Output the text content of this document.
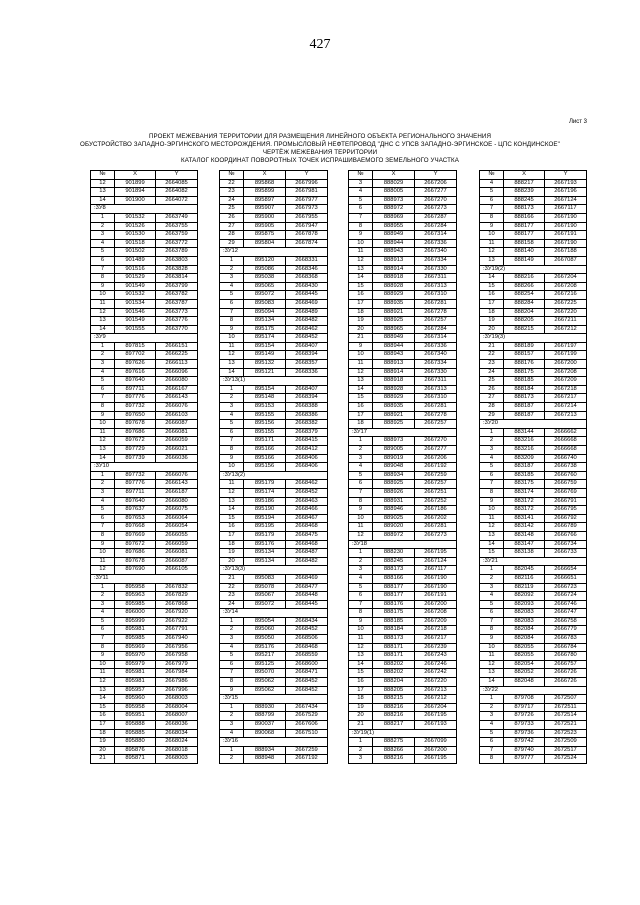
427
Лист 3
ПРОЕКТ МЕЖЕВАНИЯ ТЕРРИТОРИИ ДЛЯ РАЗМЕЩЕНИЯ ЛИНЕЙНОГО ОБЪЕКТА РЕГИОНАЛЬНОГО ЗНАЧЕНИЯ
ОБУСТРОЙСТВО ЗАПАДНО-ЭРГИНСКОГО МЕСТОРОЖДЕНИЯ. ПРОМЫСЛОВЫЙ НЕФТЕПРОВОД "ДНС С УПСВ ЗАПАДНО-ЭРГИНСКОЕ - ЦПС КОНДИНСКОЕ"
ЧЕРТЁЖ МЕЖЕВАНИЯ ТЕРРИТОРИИ
КАТАЛОГ КООРДИНАТ ПОВОРОТНЫХ ТОЧЕК ИСПРАШИВАЕМОГО ЗЕМЕЛЬНОГО УЧАСТКА
№	X	Y
12	901899	2664085
13	901894	2664082
14	901900	2664072
:3У8		
1	901532	2663749
2	901526	2663755
3	901530	2663759
4	901518	2663772
5	901502	2663789
6	901489	2663803
7	901516	2663828
8	901529	2663814
9	901549	2663799
10	901532	2663782
11	901534	2663787
12	901546	2663773
13	901549	2663776
14	901555	2663770
:3У9		
1	897815	2666151
2	897702	2666225
3	897626	2666113
4	897616	2666096
5	897640	2666080
6	897711	2666167
7	897776	2666143
8	897732	2666076
9	897650	2666103
10	897678	2666087
11	897686	2666081
12	897672	2666059
13	897729	2666021
14	897739	2666036
:3У10		
1	897732	2666076
2	897776	2666143
3	897711	2666187
4	897640	2666080
5	897637	2666075
6	897653	2666064
7	897668	2666054
8	897669	2666055
9	897672	2666059
10	897686	2666081
11	897678	2666087
12	897690	2666105
:3У11		
1	895958	2667832
2	895963	2667829
3	895985	2667868
4	896000	2667920
5	895999	2667922
6	895981	2667791
7	895985	2667940
8	895969	2667956
9	895970	2667958
10	895979	2667979
11	895981	2667984
12	895981	2667986
13	895957	2667996
14	895960	2668003
15	895958	2668004
16	895951	2668007
17	895888	2668036
18	895885	2668034
19	895880	2668024
20	895876	2668018
21	895871	2668003
№	X	Y
22	895868	2667996
23	895899	2667981
24	895897	2667977
25	895907	2667973
26	895900	2667955
27	895905	2667947
28	895875	2667878
29	895804	2667874
:3У12		
1	895120	2668331
2	895086	2668346
3	895038	2668368
4	895065	2668430
5	895072	2668445
6	895083	2668469
7	895094	2668489
8	895134	2668482
9	895175	2668462
10	895174	2668452
11	895154	2668407
12	895149	2668394
13	895132	2668357
14	895121	2668336
:3У13(1)		
1	895154	2668407
2	895148	2668394
3	895153	2668388
4	895155	2668386
5	895156	2668382
6	895155	2668379
7	895171	2668415
8	895166	2668412
9	895166	2668406
10	895156	2668406
:3У13(2)		
11	895179	2668462
12	895174	2668452
13	895186	2668463
14	895190	2668466
15	895194	2668467
16	895195	2668468
17	895179	2668475
18	895176	2668468
19	895134	2668487
20	895134	2668482
:3У13(3)		
21	895083	2668469
22	895078	2668477
23	895067	2668448
24	895072	2668445
:3У14		
1	895054	2668434
2	895060	2668452
3	895050	2668506
4	895176	2668468
5	895217	2668559
6	895125	2668600
7	895070	2668471
8	895062	2668452
9	895062	2668452
:3У15		
1	888930	2667434
2	888799	2667529
3	890037	2667606
4	890068	2667510
:3У16		
1	888934	2667259
2	888948	2667192
№	X	Y
3	888029	2667206
4	888005	2667277
5	888973	2667270
6	888972	2667273
7	888969	2667287
8	888955	2667284
9	888949	2667314
10	888944	2667336
11	888943	2667340
12	888913	2667334
13	888914	2667330
14	888918	2667311
15	888928	2667313
16	888929	2667310
17	888935	2667281
18	888921	2667278
19	888925	2667257
20	888965	2667284
21	888949	2667314
9	888944	2667336
10	888943	2667340
11	888913	2667334
12	888914	2667330
13	888918	2667311
14	888928	2667313
15	888929	2667310
16	888935	2667281
17	888921	2667278
18	888925	2667257
:3У17		
1	888973	2667270
2	889005	2667277
3	889019	2667206
4	889048	2667192
5	888934	2667259
6	888925	2667257
7	888926	2667251
8	888931	2667252
9	888946	2667186
10	889025	2667202
11	889020	2667281
12	888972	2667273
:3У18		
1	888230	2667195
2	888245	2667124
3	888173	2667117
4	888166	2667190
5	888177	2667190
6	888177	2667191
7	888176	2667200
8	888175	2667208
9	888185	2667209
10	888184	2667218
11	888173	2667217
12	888171	2667239
13	888171	2667243
14	888202	2667246
15	888202	2667242
16	888204	2667220
17	888205	2667213
18	888215	2667212
19	888216	2667204
20	888216	2667195
21	888217	2667193
:3У19(1)		
1	888275	2667099
2	888266	2667200
3	888216	2667195
№	X	Y
4	888217	2667193
5	888239	2667196
6	888245	2667124
7	888173	2667117
8	888166	2667190
9	888177	2667190
10	888177	2667191
11	888158	2667190
12	888140	2667188
13	888149	2667087
:3У19(2)		
14	888216	2667204
15	888266	2667208
16	888254	2667216
17	888284	2667225
18	888204	2667220
19	888205	2667211
20	888215	2667212
:3У19(3)		
21	888189	2667197
22	888157	2667199
23	888176	2667200
24	888175	2667208
25	888185	2667209
26	888184	2667218
27	888173	2667217
28	888187	2667214
29	888187	2667213
:3У20		
1	883144	2666662
2	883216	2666668
3	883216	2666668
4	883209	2666740
5	883187	2666738
6	883185	2666760
7	883175	2666759
8	883174	2666769
9	883172	2666791
10	883172	2666795
11	883141	2666792
12	883142	2666789
13	883148	2666766
14	883147	2666734
15	883138	2666733
:3У21		
1	882045	2666654
2	882116	2666651
3	882119	2666723
4	882092	2666724
5	882093	2666746
6	882083	2666747
7	882083	2666758
8	882084	2666779
9	882084	2666783
10	882055	2666784
11	882055	2666780
12	882054	2666757
13	882052	2666726
14	882048	2666726
:3У22		
1	879708	2672507
2	879717	2672511
3	879726	2672514
4	879733	2672521
5	879736	2672523
6	879742	2672509
7	879740	2672517
8	879777	2672524
